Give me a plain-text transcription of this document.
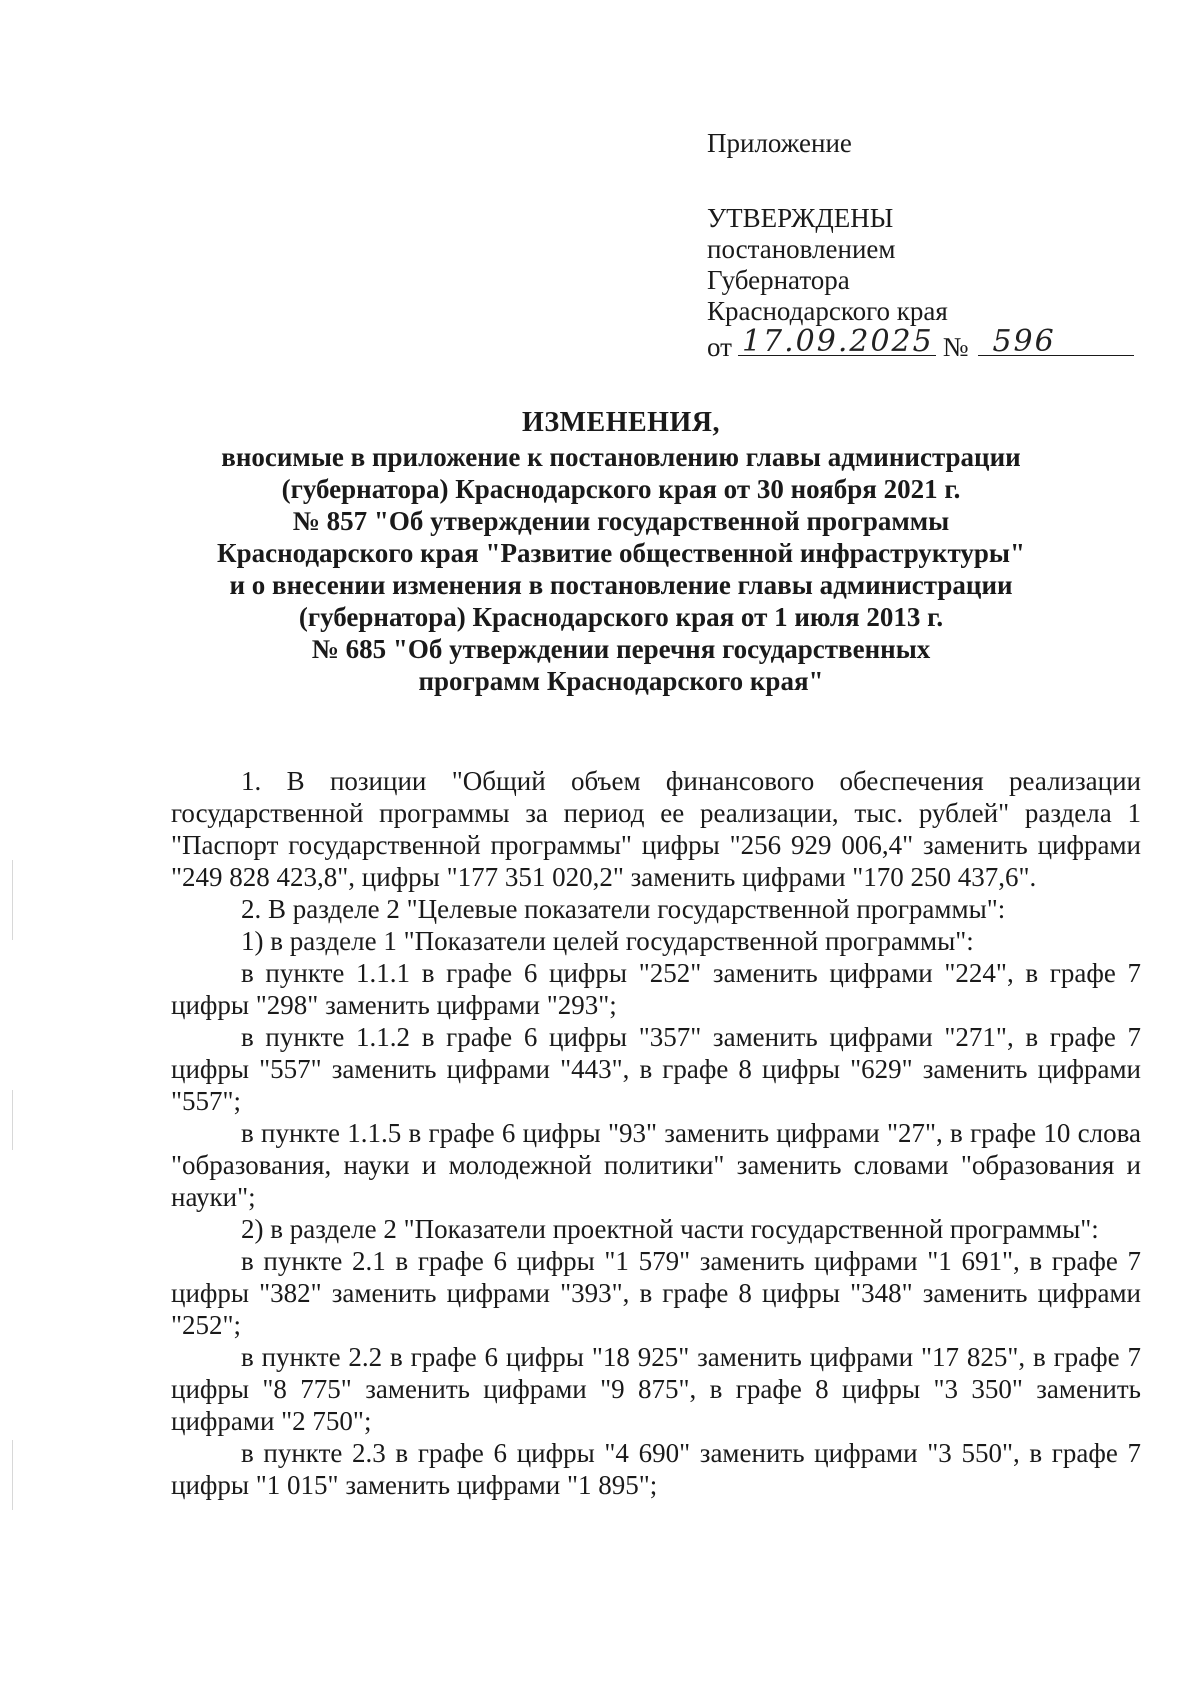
Приложение
УТВЕРЖДЕНЫ
постановлением
Губернатора
Краснодарского края
от 17.09.2025 № 596
ИЗМЕНЕНИЯ,
вносимые в приложение к постановлению главы администрации
(губернатора) Краснодарского края от 30 ноября 2021 г.
№ 857 "Об утверждении государственной программы
Краснодарского края "Развитие общественной инфраструктуры"
и о внесении изменения в постановление главы администрации
(губернатора) Краснодарского края от 1 июля 2013 г.
№ 685 "Об утверждении перечня государственных
программ Краснодарского края"

1. В позиции "Общий объем финансового обеспечения реализации государственной программы за период ее реализации, тыс. рублей" раздела 1 "Паспорт государственной программы" цифры "256 929 006,4" заменить цифрами "249 828 423,8", цифры "177 351 020,2" заменить цифрами "170 250 437,6".

2. В разделе 2 "Целевые показатели государственной программы":

1) в разделе 1 "Показатели целей государственной программы":

в пункте 1.1.1 в графе 6 цифры "252" заменить цифрами "224", в графе 7 цифры "298" заменить цифрами "293";

в пункте 1.1.2 в графе 6 цифры "357" заменить цифрами "271", в графе 7 цифры "557" заменить цифрами "443", в графе 8 цифры "629" заменить цифрами "557";

в пункте 1.1.5 в графе 6 цифры "93" заменить цифрами "27", в графе 10 слова "образования, науки и молодежной политики" заменить словами "образования и науки";

2) в разделе 2 "Показатели проектной части государственной программы":

в пункте 2.1 в графе 6 цифры "1 579" заменить цифрами "1 691", в графе 7 цифры "382" заменить цифрами "393", в графе 8 цифры "348" заменить цифрами "252";

в пункте 2.2 в графе 6 цифры "18 925" заменить цифрами "17 825", в графе 7 цифры "8 775" заменить цифрами "9 875", в графе 8 цифры "3 350" заменить цифрами "2 750";

в пункте 2.3 в графе 6 цифры "4 690" заменить цифрами "3 550", в графе 7 цифры "1 015" заменить цифрами "1 895";
